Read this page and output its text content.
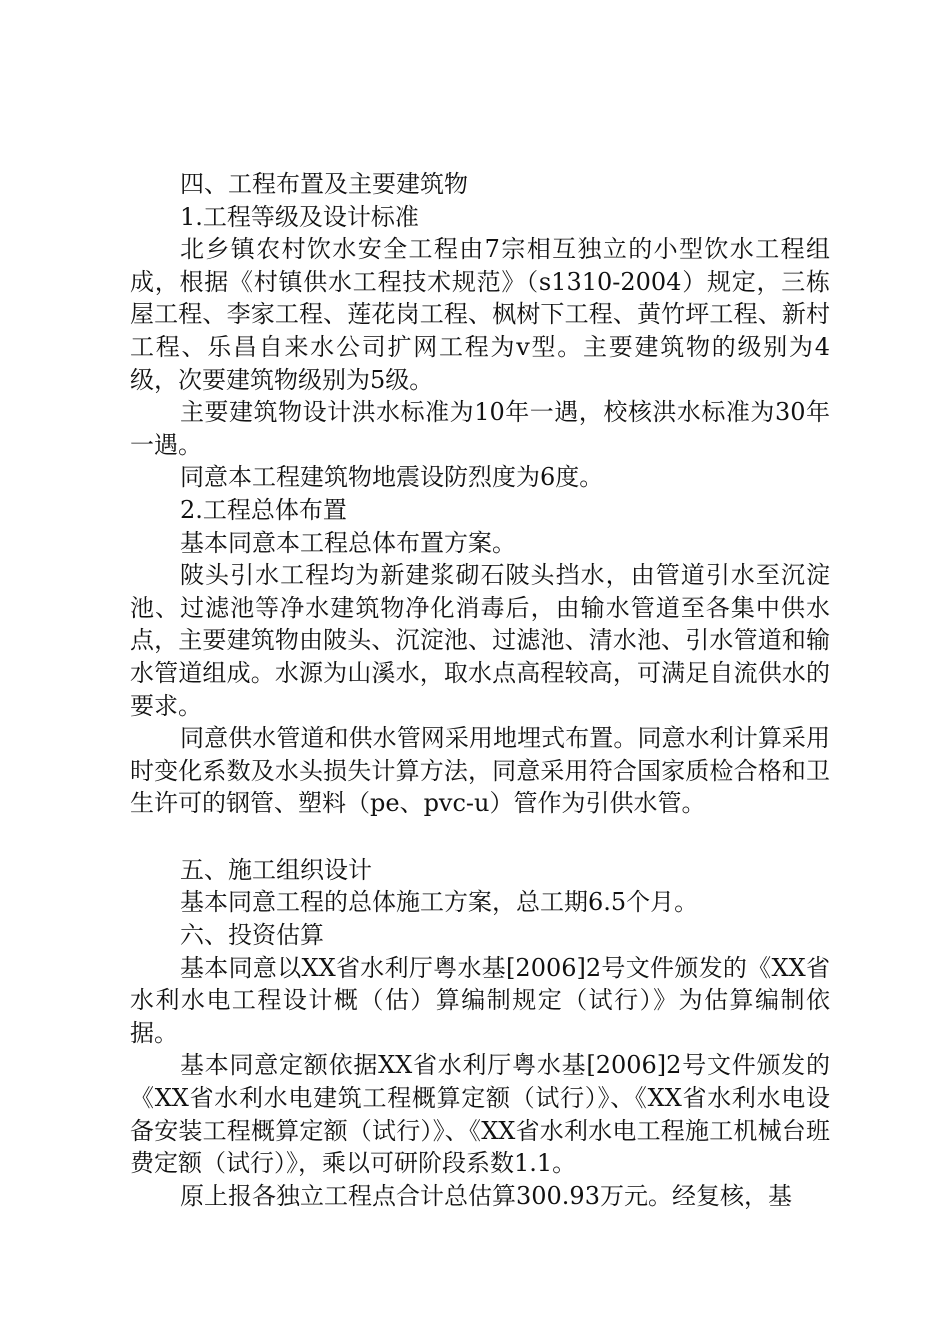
四、工程布置及主要建筑物

1.工程等级及设计标准

北乡镇农村饮水安全工程由7宗相互独立的小型饮水工程组成，根据《村镇供水工程技术规范》（s1310-2004）规定，三栋屋工程、李家工程、莲花岗工程、枫树下工程、黄竹坪工程、新村工程、乐昌自来水公司扩网工程为v型。主要建筑物的级别为4级，次要建筑物级别为5级。

主要建筑物设计洪水标准为10年一遇，校核洪水标准为30年一遇。

同意本工程建筑物地震设防烈度为6度。

2.工程总体布置

基本同意本工程总体布置方案。

陂头引水工程均为新建浆砌石陂头挡水，由管道引水至沉淀池、过滤池等净水建筑物净化消毒后，由输水管道至各集中供水点，主要建筑物由陂头、沉淀池、过滤池、清水池、引水管道和输水管道组成。水源为山溪水，取水点高程较高，可满足自流供水的要求。

同意供水管道和供水管网采用地埋式布置。同意水利计算采用时变化系数及水头损失计算方法，同意采用符合国家质检合格和卫生许可的钢管、塑料（pe、pvc-u）管作为引供水管。

五、施工组织设计

基本同意工程的总体施工方案，总工期6.5个月。

六、投资估算

基本同意以XX省水利厅粤水基[2006]2号文件颁发的《XX省水利水电工程设计概（估）算编制规定（试行）》为估算编制依据。

基本同意定额依据XX省水利厅粤水基[2006]2号文件颁发的《XX省水利水电建筑工程概算定额（试行）》、《XX省水利水电设备安装工程概算定额（试行）》、《XX省水利水电工程施工机械台班费定额（试行）》，乘以可研阶段系数1.1。

原上报各独立工程点合计总估算300.93万元。经复核，基
